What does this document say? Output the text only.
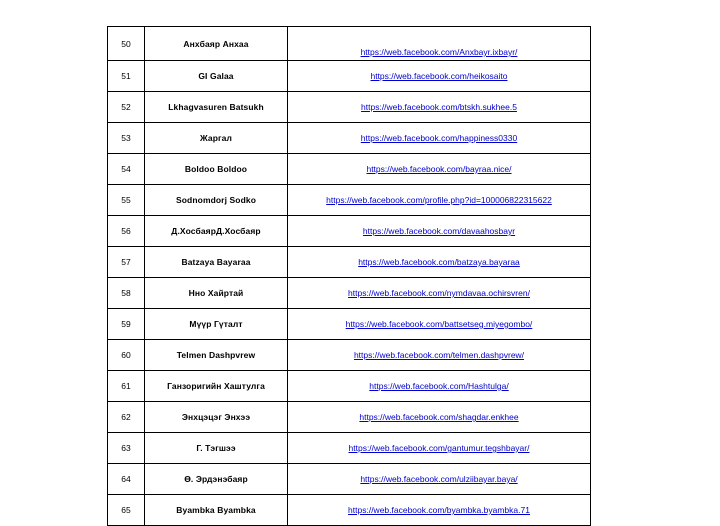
50	Анхбaяр Анхаа	https://web.facebook.com/Anxbayr.ixbayr/
51	GI Galaa	https://web.facebook.com/heikosaito
52	Lkhagvasuren Batsukh	https://web.facebook.com/btskh.sukhee.5
53	Жаргал	https://web.facebook.com/happiness0330
54	Boldoo Boldoo	https://web.facebook.com/bayraa.nice/
55	Sodnomdorj Sodko	https://web.facebook.com/profile.php?id=100006822315622
56	Д.ХосбаярД.Хосбаяр	https://web.facebook.com/davaahosbayr
57	Batzaya Bayaraa	https://web.facebook.com/batzaya.bayaraa
58	Ннo Хайртай	https://web.facebook.com/nymdavaa.ochirsvren/
59	Мүүр Гүталт	https://web.facebook.com/battsetseg.miyegombo/
60	Telmen Dashpvrew	https://web.facebook.com/telmen.dashpvrew/
61	Ганзоригийн Хаштулга	https://web.facebook.com/Hashtulga/
62	Энхцэцэг Энхээ	https://web.facebook.com/shagdar.enkhee
63	Г. Тэгшээ	https://web.facebook.com/gantumur.tegshbayar/
64	Ө. Эрдэнэбаяр	https://web.facebook.com/ulziibayar.baya/
65	Byambka Byambka	https://web.facebook.com/byambka.byambka.71
